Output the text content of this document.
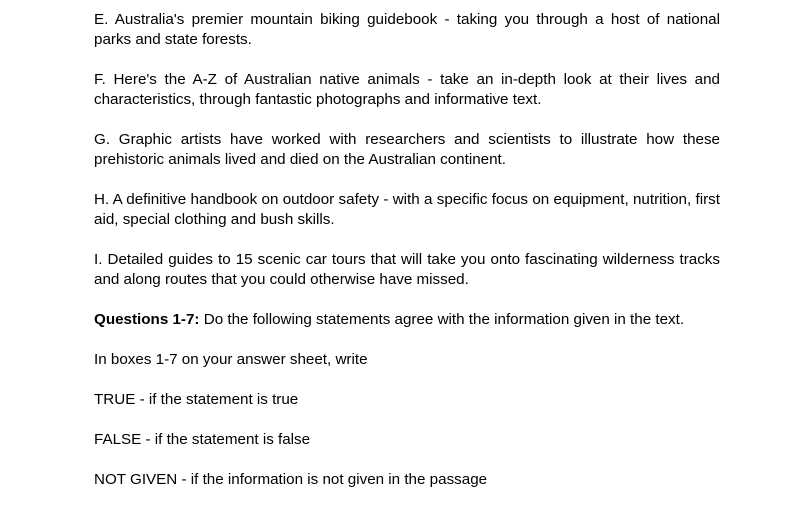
E. Australia's premier mountain biking guidebook - taking you through a host of national parks and state forests.

F. Here's the A-Z of Australian native animals - take an in-depth look at their lives and characteristics, through fantastic photographs and informative text.

G. Graphic artists have worked with researchers and scientists to illustrate how these prehistoric animals lived and died on the Australian continent.

H. A definitive handbook on outdoor safety - with a specific focus on equipment, nutrition, first aid, special clothing and bush skills.

I. Detailed guides to 15 scenic car tours that will take you onto fascinating wilderness tracks and along routes that you could otherwise have missed.

Questions 1-7: Do the following statements agree with the information given in the text.

In boxes 1-7 on your answer sheet, write

TRUE - if the statement is true

FALSE - if the statement is false

NOT GIVEN - if the information is not given in the passage
